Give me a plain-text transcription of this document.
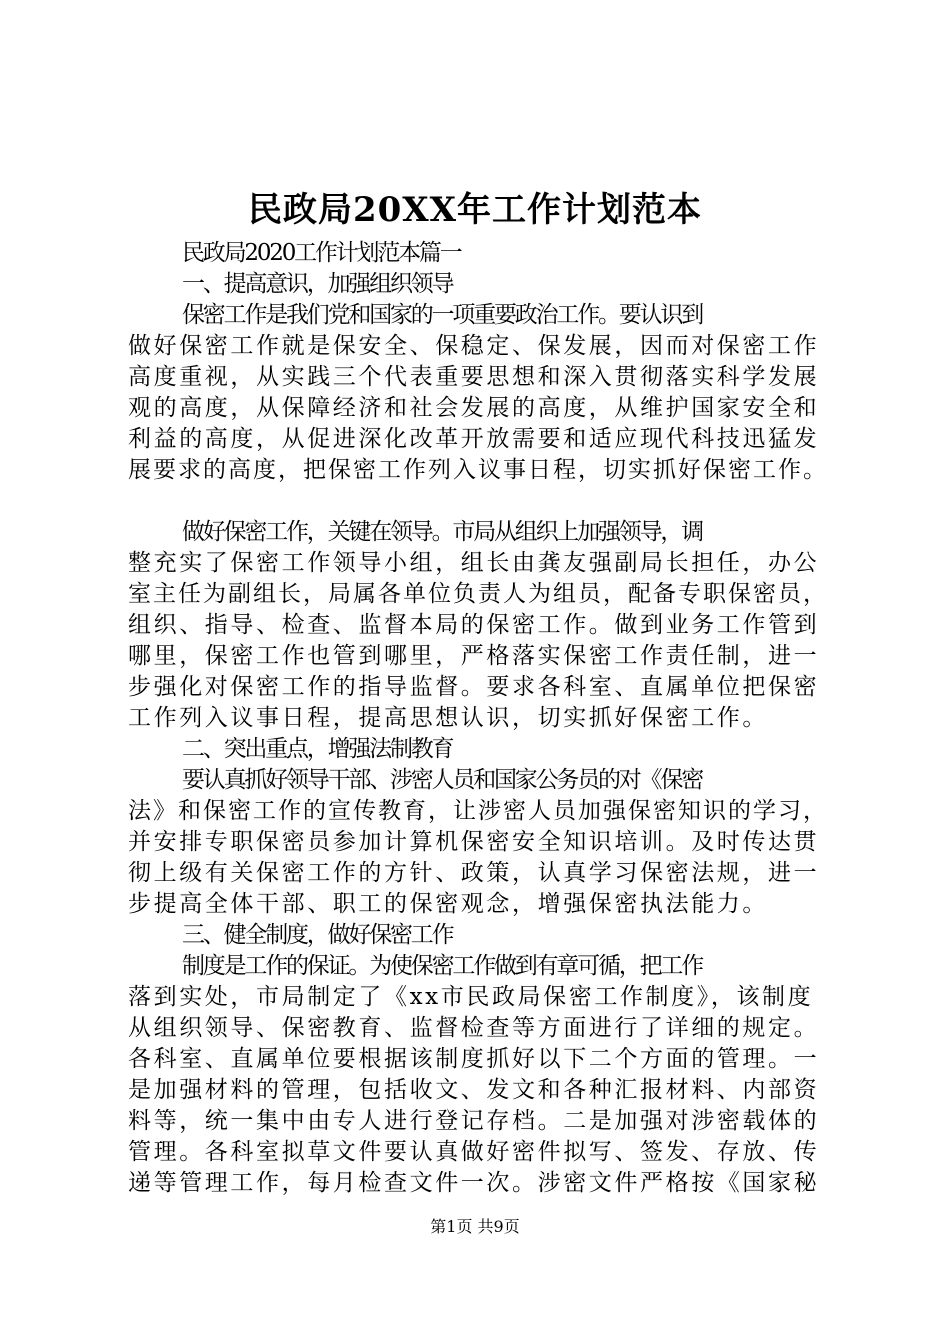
民政局20XX年工作计划范本
民政局2020工作计划范本篇一
一、提高意识，加强组织领导
保密工作是我们党和国家的一项重要政治工作。要认识到
做好保密工作就是保安全、保稳定、保发展，因而对保密工作
高度重视，从实践三个代表重要思想和深入贯彻落实科学发展
观的高度，从保障经济和社会发展的高度，从维护国家安全和
利益的高度，从促进深化改革开放需要和适应现代科技迅猛发
展要求的高度，把保密工作列入议事日程，切实抓好保密工作。
做好保密工作，关键在领导。市局从组织上加强领导，调
整充实了保密工作领导小组，组长由龚友强副局长担任，办公
室主任为副组长，局属各单位负责人为组员，配备专职保密员，
组织、指导、检查、监督本局的保密工作。做到业务工作管到
哪里，保密工作也管到哪里，严格落实保密工作责任制，进一
步强化对保密工作的指导监督。要求各科室、直属单位把保密
工作列入议事日程，提高思想认识，切实抓好保密工作。
二、突出重点，增强法制教育
要认真抓好领导干部、涉密人员和国家公务员的对《保密
法》和保密工作的宣传教育，让涉密人员加强保密知识的学习，
并安排专职保密员参加计算机保密安全知识培训。及时传达贯
彻上级有关保密工作的方针、政策，认真学习保密法规，进一
步提高全体干部、职工的保密观念，增强保密执法能力。
三、健全制度，做好保密工作
制度是工作的保证。为使保密工作做到有章可循，把工作
落到实处，市局制定了《xx市民政局保密工作制度》，该制度
从组织领导、保密教育、监督检查等方面进行了详细的规定。
各科室、直属单位要根据该制度抓好以下二个方面的管理。一
是加强材料的管理，包括收文、发文和各种汇报材料、内部资
料等，统一集中由专人进行登记存档。二是加强对涉密载体的
管理。各科室拟草文件要认真做好密件拟写、签发、存放、传
递等管理工作，每月检查文件一次。涉密文件严格按《国家秘
第1页 共9页
